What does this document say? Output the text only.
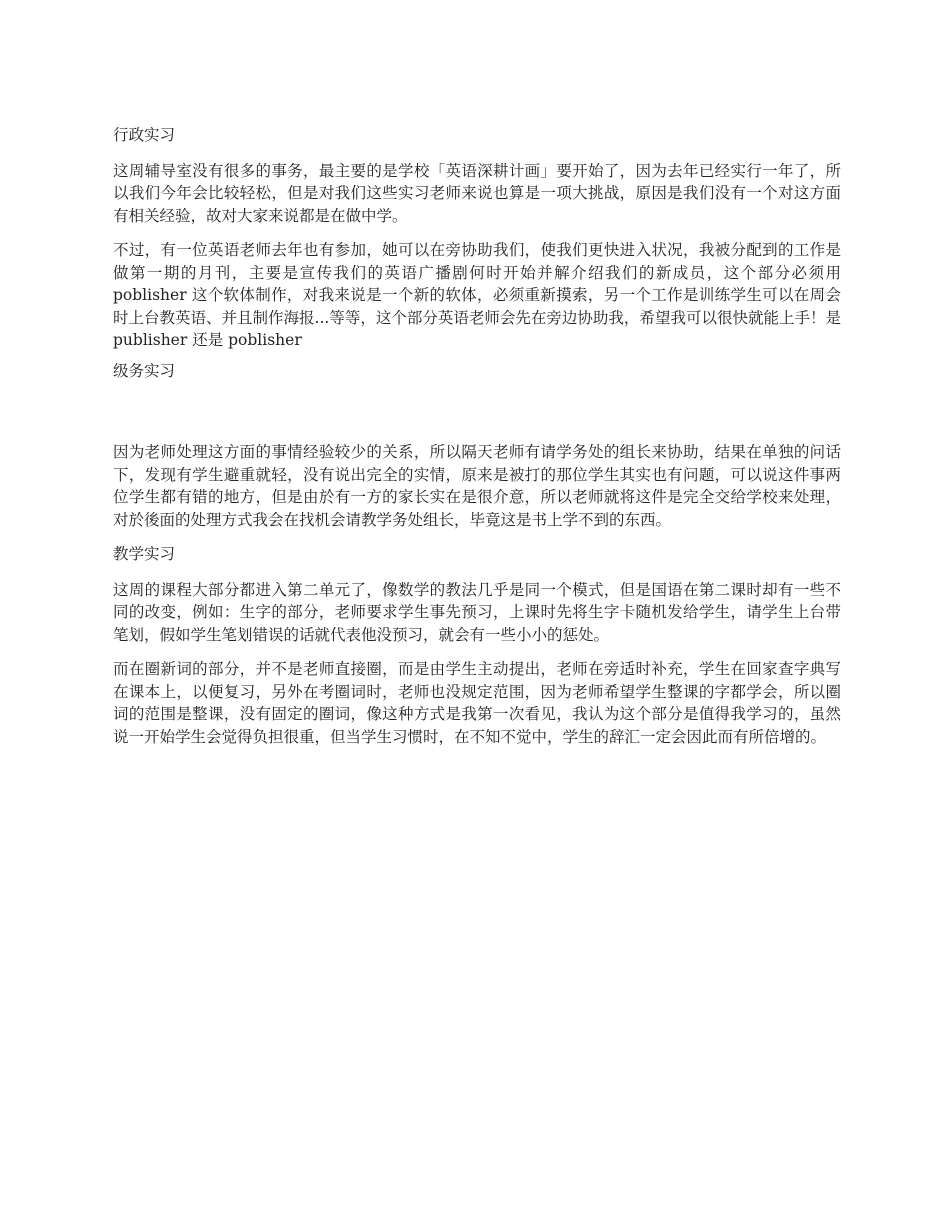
行政实习
这周辅导室没有很多的事务，最主要的是学校「英语深耕计画」要开始了，因为去年已经实行一年了，所以我们今年会比较轻松，但是对我们这些实习老师来说也算是一项大挑战，原因是我们没有一个对这方面有相关经验，故对大家来说都是在做中学。
不过，有一位英语老师去年也有参加，她可以在旁协助我们，使我们更快进入状况，我被分配到的工作是做第一期的月刊，主要是宣传我们的英语广播剧何时开始并解介绍我们的新成员，这个部分必须用 poblisher 这个软体制作，对我来说是一个新的软体，必须重新摸索，另一个工作是训练学生可以在周会时上台教英语、并且制作海报...等等，这个部分英语老师会先在旁边协助我，希望我可以很快就能上手！是 publisher 还是 poblisher
级务实习
因为老师处理这方面的事情经验较少的关系，所以隔天老师有请学务处的组长来协助，结果在单独的问话下，发现有学生避重就轻，没有说出完全的实情，原来是被打的那位学生其实也有问题，可以说这件事两位学生都有错的地方，但是由於有一方的家长实在是很介意，所以老师就将这件是完全交给学校来处理，对於後面的处理方式我会在找机会请教学务处组长，毕竟这是书上学不到的东西。
教学实习
这周的课程大部分都进入第二单元了，像数学的教法几乎是同一个模式，但是国语在第二课时却有一些不同的改变，例如：生字的部分，老师要求学生事先预习，上课时先将生字卡随机发给学生，请学生上台带笔划，假如学生笔划错误的话就代表他没预习，就会有一些小小的惩处。
而在圈新词的部分，并不是老师直接圈，而是由学生主动提出，老师在旁适时补充，学生在回家查字典写在课本上，以便复习，另外在考圈词时，老师也没规定范围，因为老师希望学生整课的字都学会，所以圈词的范围是整课，没有固定的圈词，像这种方式是我第一次看见，我认为这个部分是值得我学习的，虽然说一开始学生会觉得负担很重，但当学生习惯时，在不知不觉中，学生的辞汇一定会因此而有所倍增的。
